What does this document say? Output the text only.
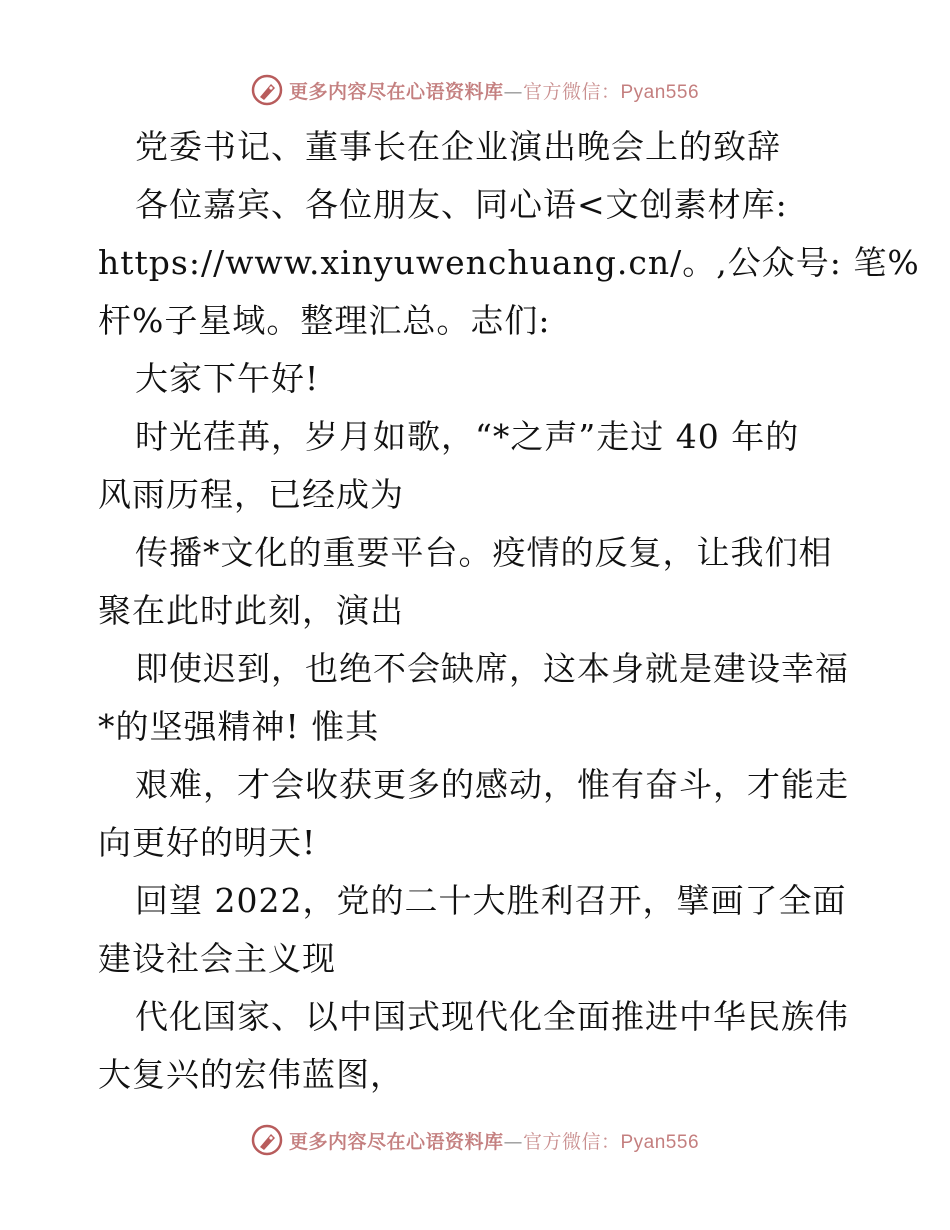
更多内容尽在心语资料库—官方微信：Pyan556
党委书记、董事长在企业演出晚会上的致辞
各位嘉宾、各位朋友、同心语<文创素材库:
https://www.xinyuwenchuang.cn/。,公众号: 笔%
杆%子星域。整理汇总。志们:
大家下午好!
时光荏苒，岁月如歌，“*之声”走过 40 年的
风雨历程，已经成为
传播*文化的重要平台。疫情的反复，让我们相
聚在此时此刻，演出
即使迟到，也绝不会缺席，这本身就是建设幸福
*的坚强精神! 惟其
艰难，才会收获更多的感动，惟有奋斗，才能走
向更好的明天!
回望 2022，党的二十大胜利召开，擘画了全面
建设社会主义现
代化国家、以中国式现代化全面推进中华民族伟
大复兴的宏伟蓝图，
更多内容尽在心语资料库—官方微信：Pyan556
